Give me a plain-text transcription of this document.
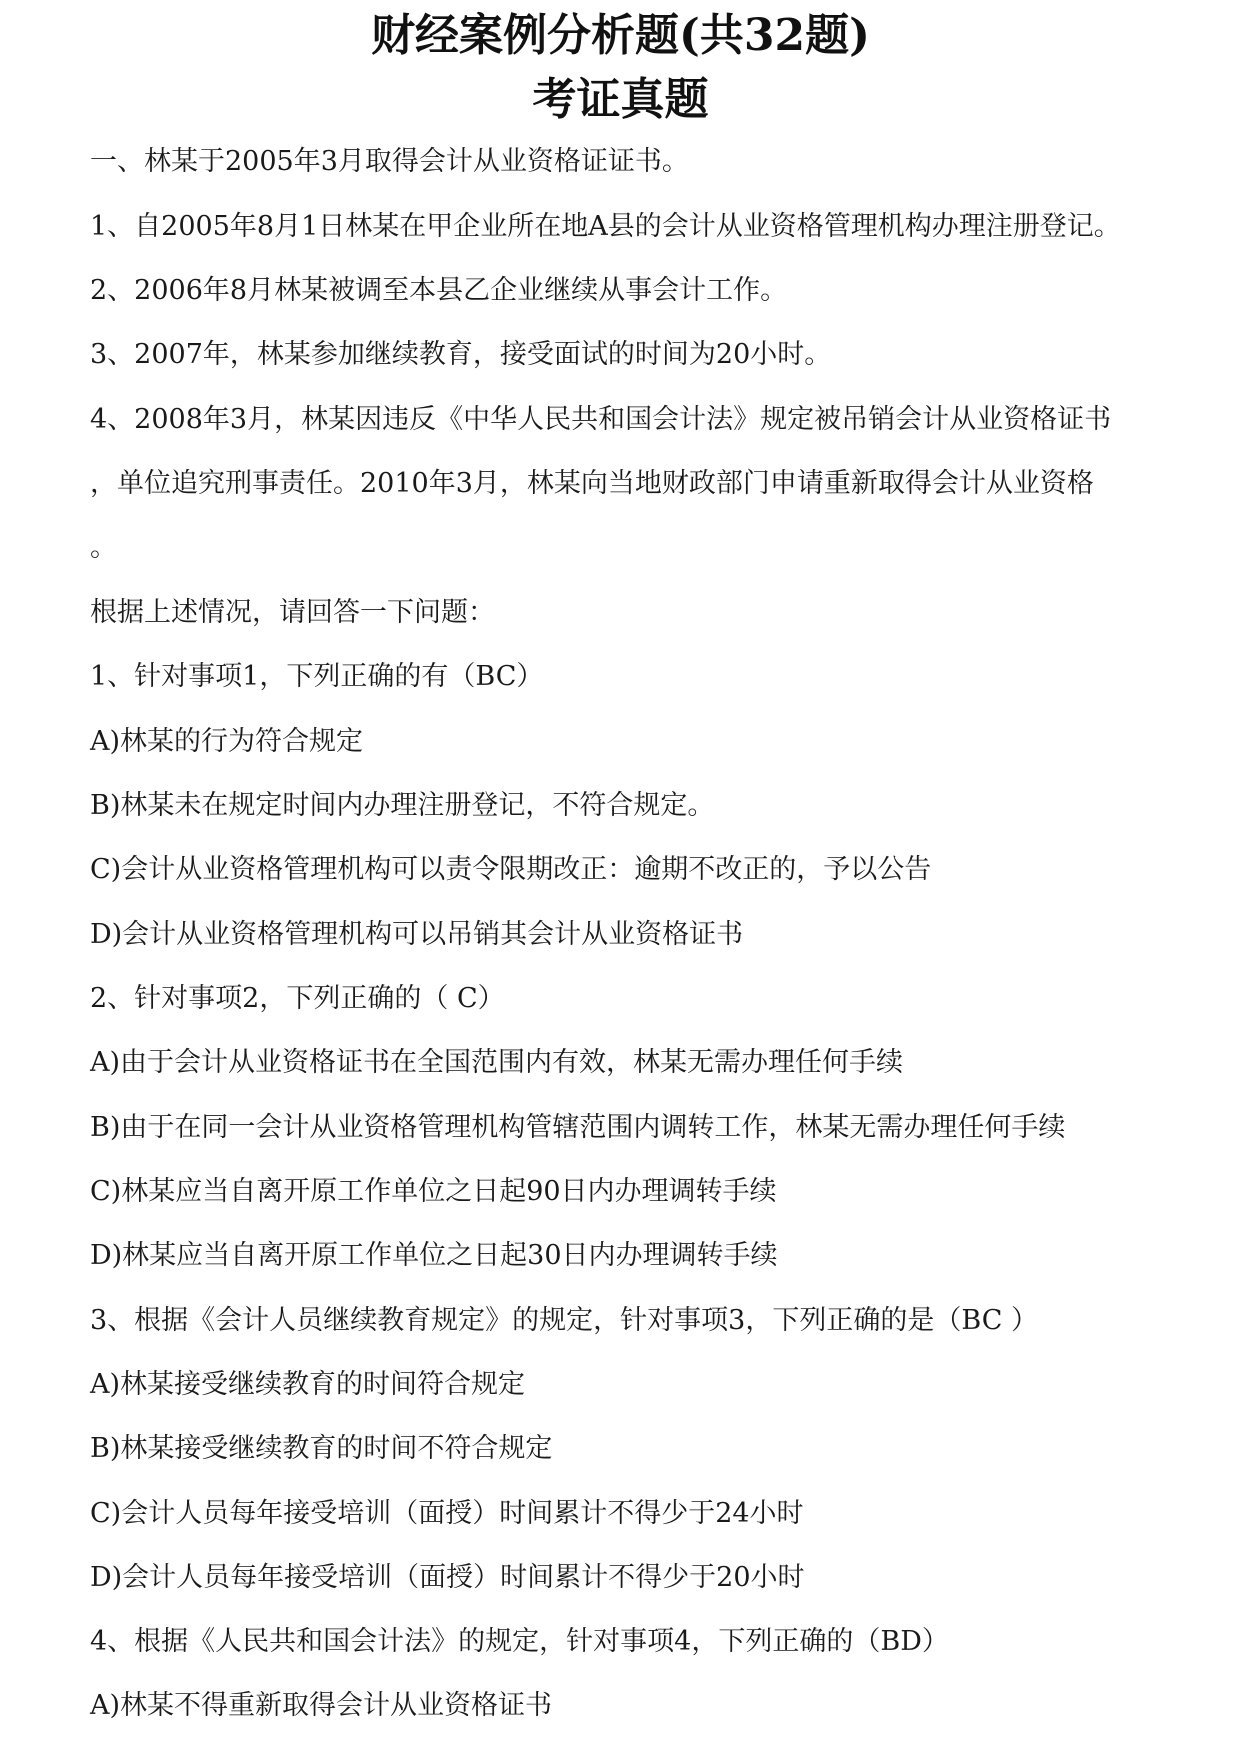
财经案例分析题(共32题)
考证真题
一、林某于2005年3月取得会计从业资格证证书。
1、自2005年8月1日林某在甲企业所在地A县的会计从业资格管理机构办理注册登记。
2、2006年8月林某被调至本县乙企业继续从事会计工作。
3、2007年，林某参加继续教育，接受面试的时间为20小时。
4、2008年3月，林某因违反《中华人民共和国会计法》规定被吊销会计从业资格证书
，单位追究刑事责任。2010年3月，林某向当地财政部门申请重新取得会计从业资格
。
根据上述情况，请回答一下问题：
1、针对事项1，下列正确的有（BC）
A)林某的行为符合规定
B)林某未在规定时间内办理注册登记，不符合规定。
C)会计从业资格管理机构可以责令限期改正：逾期不改正的，予以公告
D)会计从业资格管理机构可以吊销其会计从业资格证书
2、针对事项2，下列正确的（ C）
A)由于会计从业资格证书在全国范围内有效，林某无需办理任何手续
B)由于在同一会计从业资格管理机构管辖范围内调转工作，林某无需办理任何手续
C)林某应当自离开原工作单位之日起90日内办理调转手续
D)林某应当自离开原工作单位之日起30日内办理调转手续
3、根据《会计人员继续教育规定》的规定，针对事项3，下列正确的是（BC ）
A)林某接受继续教育的时间符合规定
B)林某接受继续教育的时间不符合规定
C)会计人员每年接受培训（面授）时间累计不得少于24小时
D)会计人员每年接受培训（面授）时间累计不得少于20小时
4、根据《人民共和国会计法》的规定，针对事项4，下列正确的（BD）
A)林某不得重新取得会计从业资格证书
